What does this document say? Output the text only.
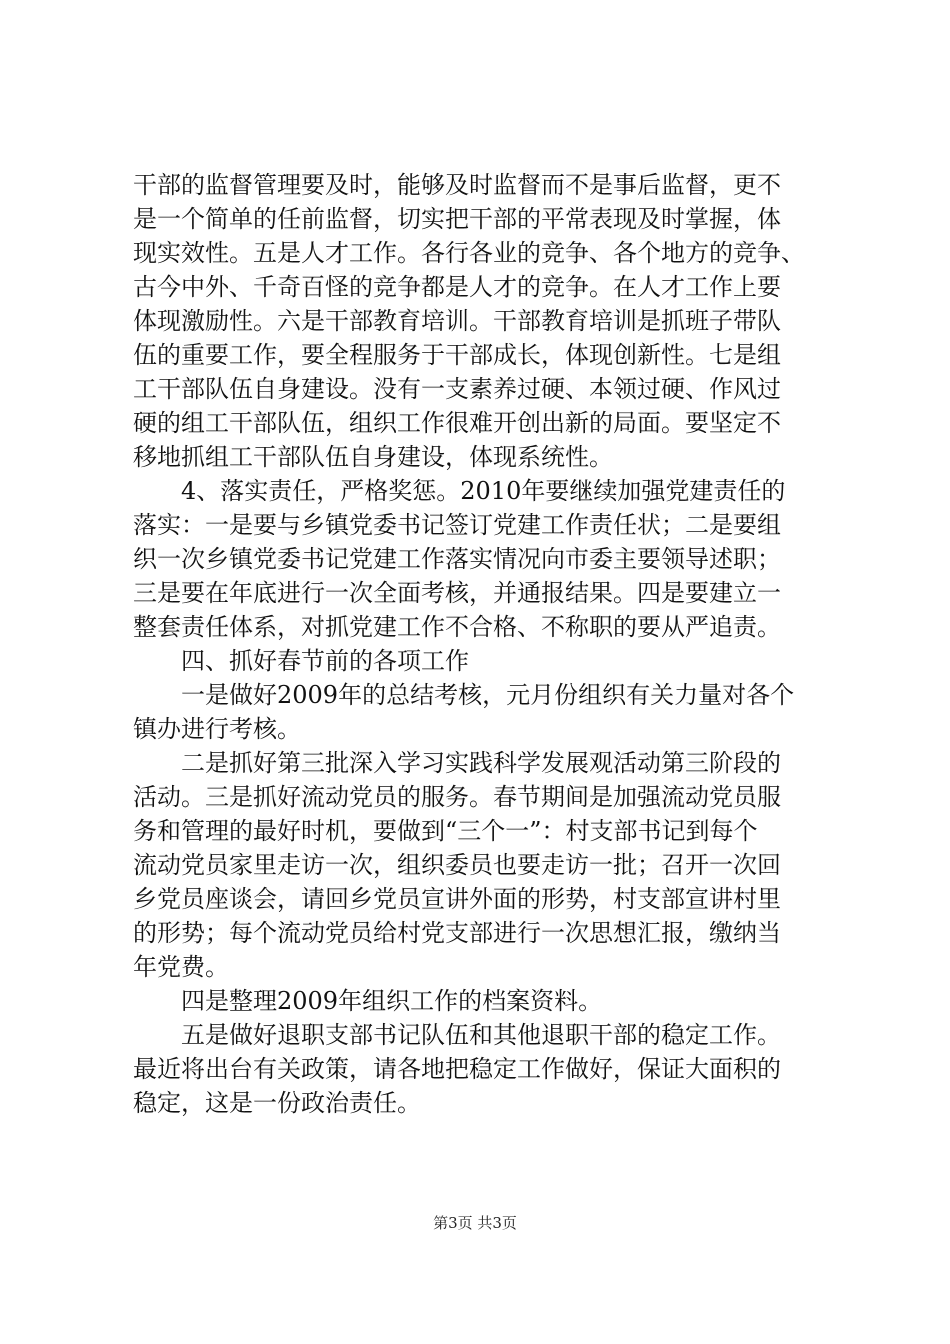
干部的监督管理要及时，能够及时监督而不是事后监督，更不
是一个简单的任前监督，切实把干部的平常表现及时掌握，体
现实效性。五是人才工作。各行各业的竞争、各个地方的竞争、
古今中外、千奇百怪的竞争都是人才的竞争。在人才工作上要
体现激励性。六是干部教育培训。干部教育培训是抓班子带队
伍的重要工作，要全程服务于干部成长，体现创新性。七是组
工干部队伍自身建设。没有一支素养过硬、本领过硬、作风过
硬的组工干部队伍，组织工作很难开创出新的局面。要坚定不
移地抓组工干部队伍自身建设，体现系统性。
　　4、落实责任，严格奖惩。2010年要继续加强党建责任的
落实：一是要与乡镇党委书记签订党建工作责任状；二是要组
织一次乡镇党委书记党建工作落实情况向市委主要领导述职；
三是要在年底进行一次全面考核，并通报结果。四是要建立一
整套责任体系，对抓党建工作不合格、不称职的要从严追责。
　　四、抓好春节前的各项工作
　　一是做好2009年的总结考核，元月份组织有关力量对各个
镇办进行考核。
　　二是抓好第三批深入学习实践科学发展观活动第三阶段的
活动。三是抓好流动党员的服务。春节期间是加强流动党员服
务和管理的最好时机，要做到“三个一”：村支部书记到每个
流动党员家里走访一次，组织委员也要走访一批；召开一次回
乡党员座谈会，请回乡党员宣讲外面的形势，村支部宣讲村里
的形势；每个流动党员给村党支部进行一次思想汇报，缴纳当
年党费。
　　四是整理2009年组织工作的档案资料。
　　五是做好退职支部书记队伍和其他退职干部的稳定工作。
最近将出台有关政策，请各地把稳定工作做好，保证大面积的
稳定，这是一份政治责任。
第3页 共3页
